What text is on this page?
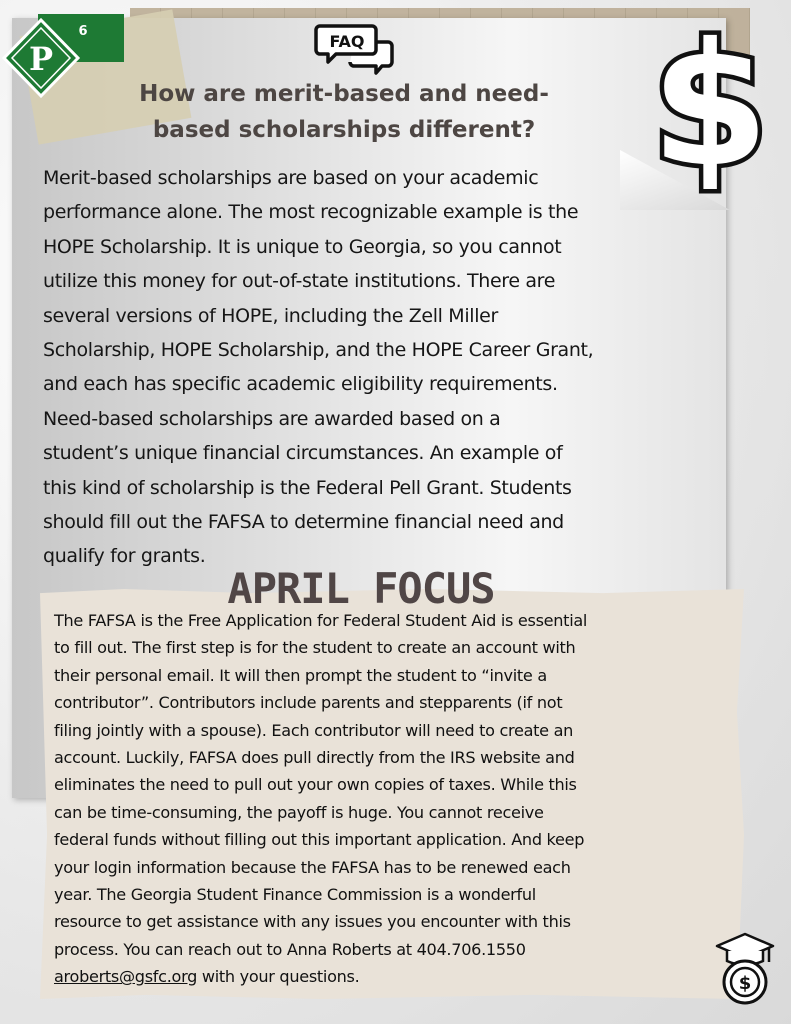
6
P	FAQ $
How are merit-based and need-
based scholarships different?

Merit-based scholarships are based on your academic
performance alone. The most recognizable example is the
HOPE Scholarship. It is unique to Georgia, so you cannot
utilize this money for out-of-state institutions. There are
several versions of HOPE, including the Zell Miller
Scholarship, HOPE Scholarship, and the HOPE Career Grant,
and each has specific academic eligibility requirements.
Need-based scholarships are awarded based on a
student’s unique financial circumstances. An example of
this kind of scholarship is the Federal Pell Grant. Students
should fill out the FAFSA to determine financial need and
qualify for grants.

APRIL FOCUS

The FAFSA is the Free Application for Federal Student Aid is essential
to fill out. The first step is for the student to create an account with
their personal email. It will then prompt the student to “invite a
contributor”. Contributors include parents and stepparents (if not
filing jointly with a spouse). Each contributor will need to create an
account. Luckily, FAFSA does pull directly from the IRS website and
eliminates the need to pull out your own copies of taxes. While this
can be time-consuming, the payoff is huge. You cannot receive
federal funds without filling out this important application. And keep
your login information because the FAFSA has to be renewed each
year. The Georgia Student Finance Commission is a wonderful
resource to get assistance with any issues you encounter with this
process. You can reach out to Anna Roberts at 404.706.1550
aroberts@gsfc.org with your questions.	$
